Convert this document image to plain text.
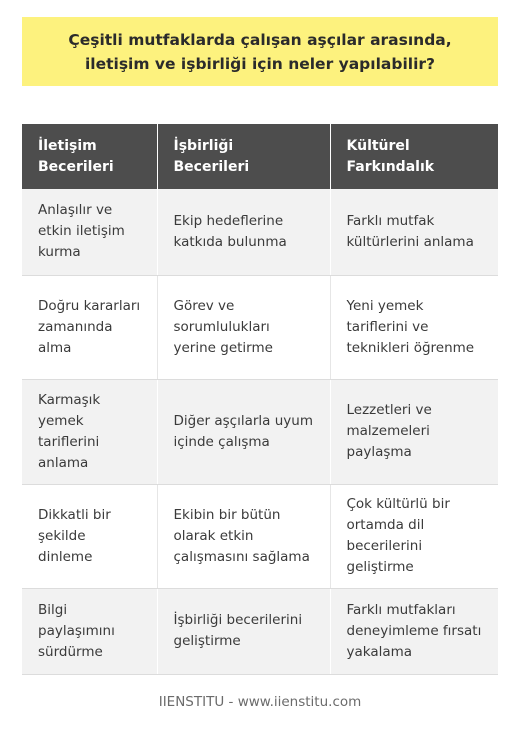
Çeşitli mutfaklarda çalışan aşçılar arasında, iletişim ve işbirliği için neler yapılabilir?
İletişim Becerileri	İşbirliği Becerileri	Kültürel Farkındalık
Anlaşılır ve etkin iletişim kurma	Ekip hedeflerine katkıda bulunma	Farklı mutfak kültürlerini anlama
Doğru kararları zamanında alma	Görev ve sorumlulukları yerine getirme	Yeni yemek tariflerini ve teknikleri öğrenme
Karmaşık yemek tariflerini anlama	Diğer aşçılarla uyum içinde çalışma	Lezzetleri ve malzemeleri paylaşma
Dikkatli bir şekilde dinleme	Ekibin bir bütün olarak etkin çalışmasını sağlama	Çok kültürlü bir ortamda dil becerilerini geliştirme
Bilgi paylaşımını sürdürme	İşbirliği becerilerini geliştirme	Farklı mutfakları deneyimleme fırsatı yakalama
IIENSTITU - www.iienstitu.com
